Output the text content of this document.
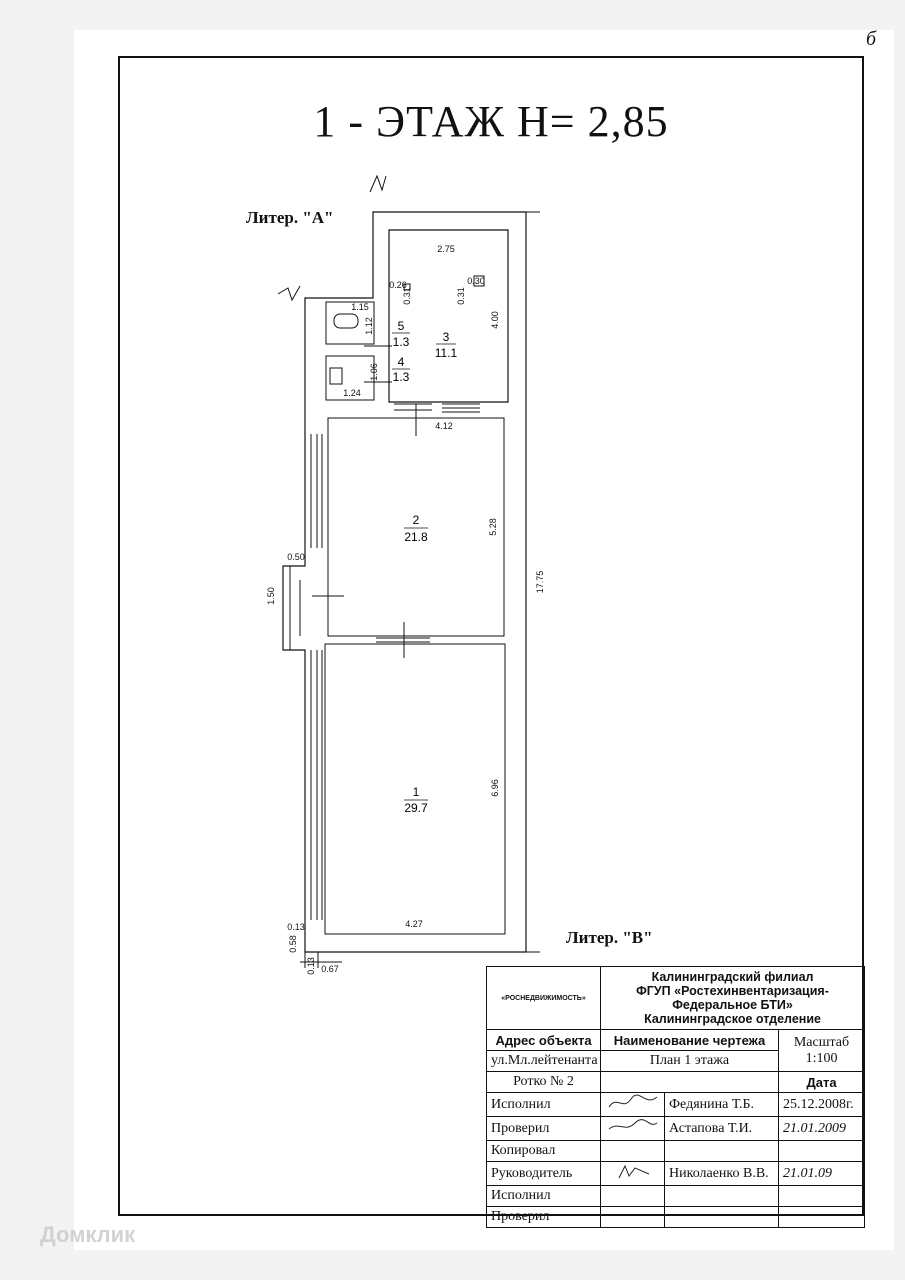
б
1 - ЭТАЖ H= 2,85
Литер. "А"
Литер. "В"
1
29.7
2
21.8
3
11.1
4
1.3
5
1.3
2.75
4.00
0.30
0.31
0.26
0.31
1.15
1.12
1.06
1.24
4.12
5.28
17.75
0.50
1.50
6.96
4.27
0.13
0.58
0.13 0.67
«РОСНЕДВИЖИМОСТЬ»	Калининградский филиал
ФГУП «Ростехинвентаризация-
Федеральное БТИ»
Калининградское отделение		

Адрес объекта	Наименование чертежа		Масштаб
1:100

ул.Мл.лейтенанта	План 1 этажа		
Ротко № 2			Дата
Исполнил		Федянина Т.Б.	25.12.2008г.
Проверил		Астапова Т.И.	21.01.2009
Копировал			
Руководитель		Николаенко В.В.	21.01.09
Исполнил			
Проверил			
Домклик
